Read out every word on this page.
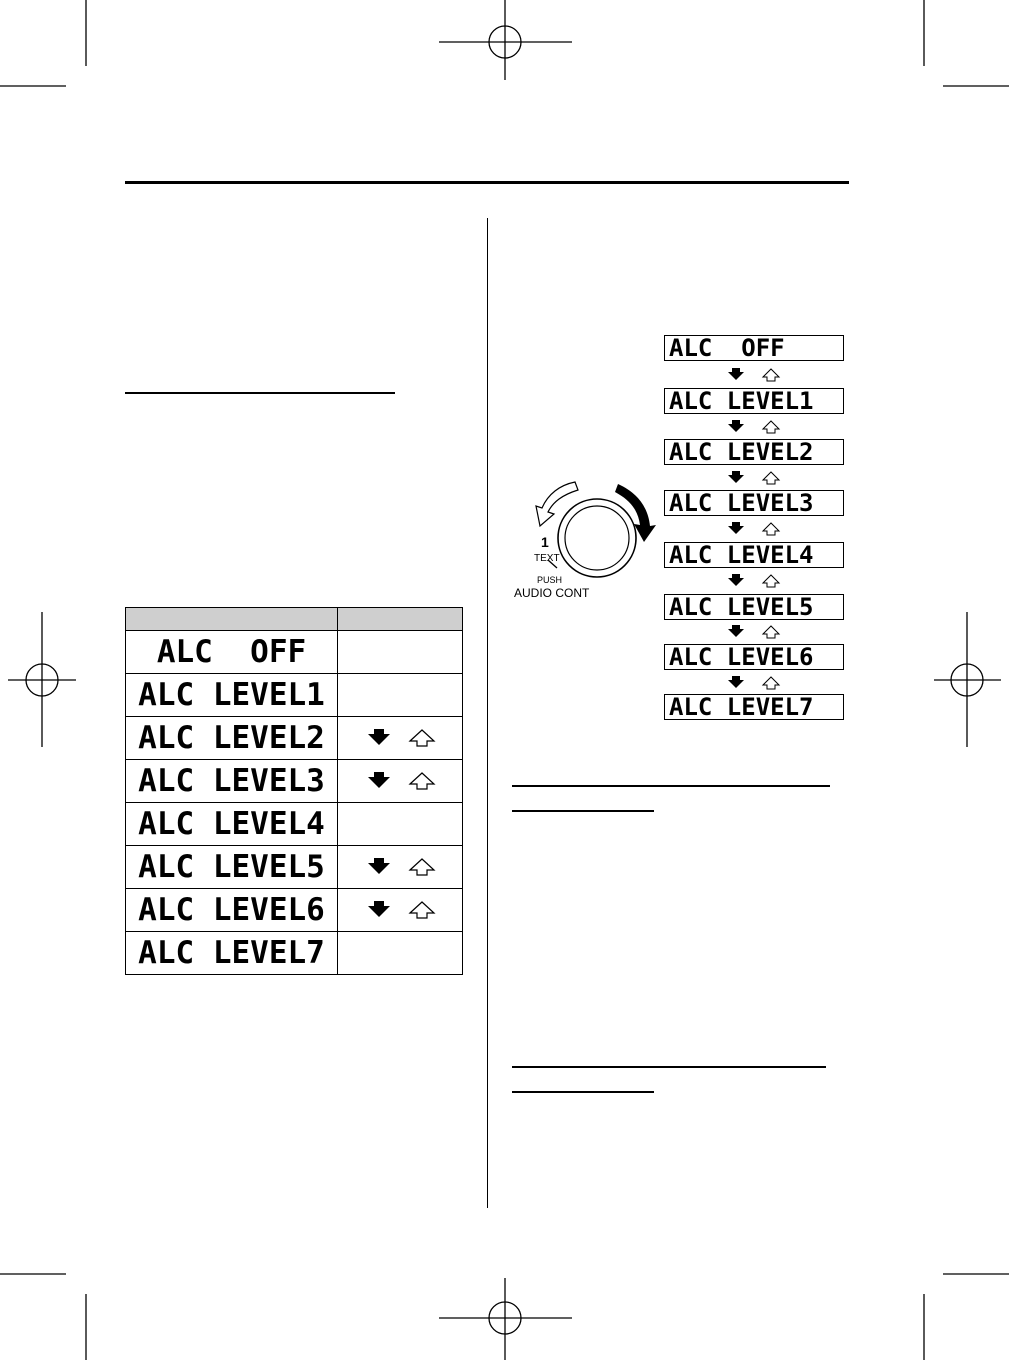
ALC  OFF
ALC LEVEL1
ALC LEVEL2
ALC LEVEL3
ALC LEVEL4
ALC LEVEL5
ALC LEVEL6
ALC LEVEL7
1
TEXT
PUSH
AUDIO CONT
ALC  OFF
ALC LEVEL1
ALC LEVEL2
ALC LEVEL3
ALC LEVEL4
ALC LEVEL5
ALC LEVEL6
ALC LEVEL7
